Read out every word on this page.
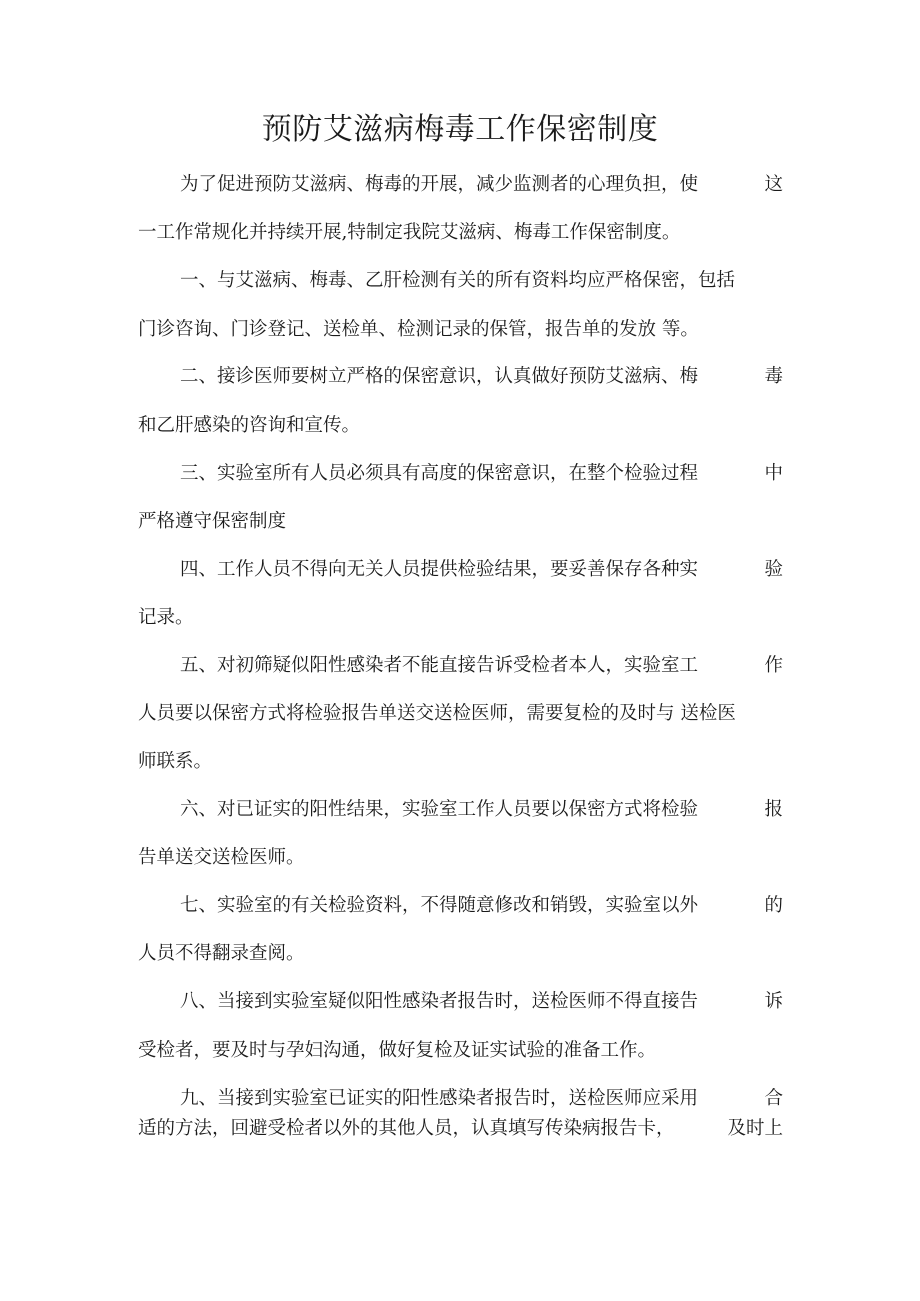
预防艾滋病梅毒工作保密制度
为了促进预防艾滋病、梅毒的开展，减少监测者的心理负担，使	这
一工作常规化并持续开展,特制定我院艾滋病、梅毒工作保密制度。
一、与艾滋病、梅毒、乙肝检测有关的所有资料均应严格保密，包括
门诊咨询、门诊登记、送检单、检测记录的保管，报告单的发放 等。
二、接诊医师要树立严格的保密意识，认真做好预防艾滋病、梅	毒
和乙肝感染的咨询和宣传。
三、实验室所有人员必须具有高度的保密意识，在整个检验过程	中
严格遵守保密制度
四、工作人员不得向无关人员提供检验结果，要妥善保存各种实	验
记录。
五、对初筛疑似阳性感染者不能直接告诉受检者本人，实验室工	作
人员要以保密方式将检验报告单送交送检医师，需要复检的及时与 送检医
师联系。
六、对已证实的阳性结果，实验室工作人员要以保密方式将检验	报
告单送交送检医师。
七、实验室的有关检验资料，不得随意修改和销毁，实验室以外	的
人员不得翻录查阅。
八、当接到实验室疑似阳性感染者报告时，送检医师不得直接告	诉
受检者，要及时与孕妇沟通，做好复检及证实试验的准备工作。
九、当接到实验室已证实的阳性感染者报告时，送检医师应采用	合
适的方法，回避受检者以外的其他人员，认真填写传染病报告卡，	及时上
